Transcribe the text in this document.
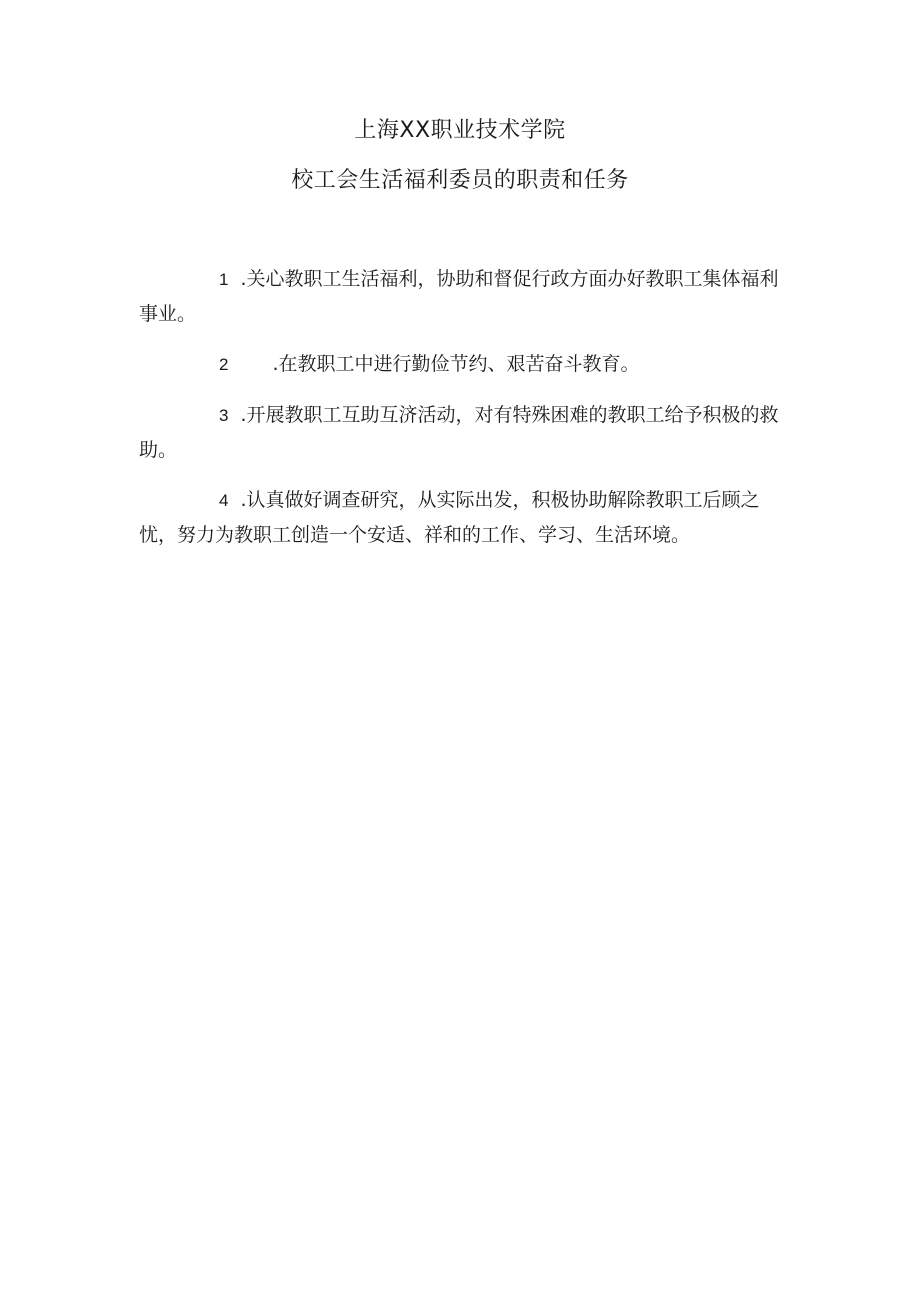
上海XX职业技术学院
校工会生活福利委员的职责和任务

1 .关心教职工生活福利，协助和督促行政方面办好教职工集体福利事业。

2 .在教职工中进行勤俭节约、艰苦奋斗教育。

3 .开展教职工互助互济活动，对有特殊困难的教职工给予积极的救助。

4 .认真做好调查研究，从实际出发，积极协助解除教职工后顾之忧，努力为教职工创造一个安适、祥和的工作、学习、生活环境。
